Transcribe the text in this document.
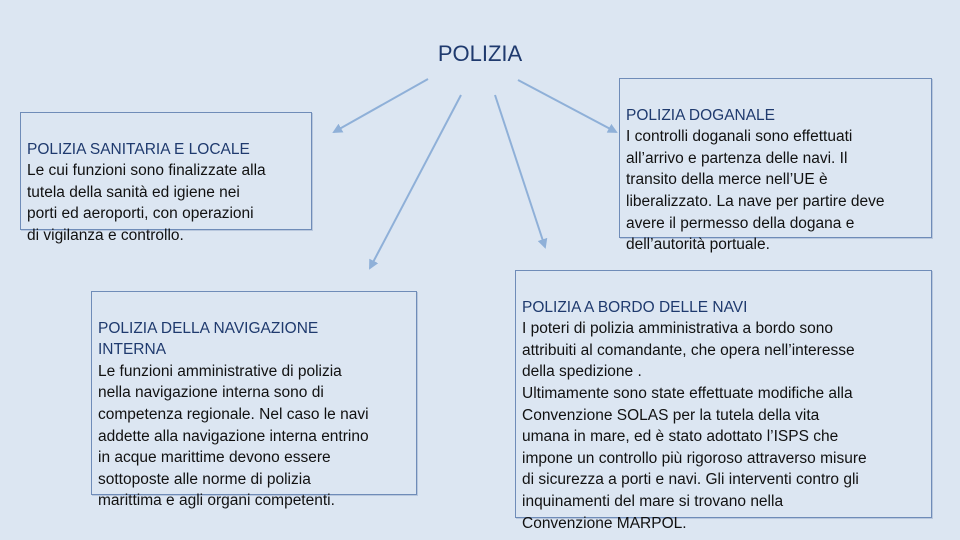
POLIZIA

POLIZIA SANITARIA E LOCALE
Le cui funzioni sono finalizzate alla
tutela della sanità ed igiene nei
porti ed aeroporti, con operazioni
di vigilanza e controllo.

POLIZIA DOGANALE
I controlli doganali sono effettuati
all’arrivo e partenza delle navi. Il
transito della merce nell’UE è
liberalizzato. La nave per partire deve
avere il permesso della dogana e
dell’autorità portuale.

POLIZIA DELLA NAVIGAZIONE
INTERNA
Le funzioni amministrative di polizia
nella navigazione interna sono di
competenza regionale. Nel caso le navi
addette alla navigazione interna entrino
in acque marittime devono essere
sottoposte alle norme di polizia
marittima e agli organi competenti.

POLIZIA A BORDO DELLE NAVI
I poteri di polizia amministrativa a bordo sono
attribuiti al comandante, che opera nell’interesse
della spedizione .
Ultimamente sono state effettuate modifiche alla
Convenzione SOLAS per la tutela della vita
umana in mare, ed è stato adottato l’ISPS che
impone un controllo più rigoroso attraverso misure
di sicurezza a porti e navi. Gli interventi contro gli
inquinamenti del mare si trovano nella
Convenzione MARPOL.
